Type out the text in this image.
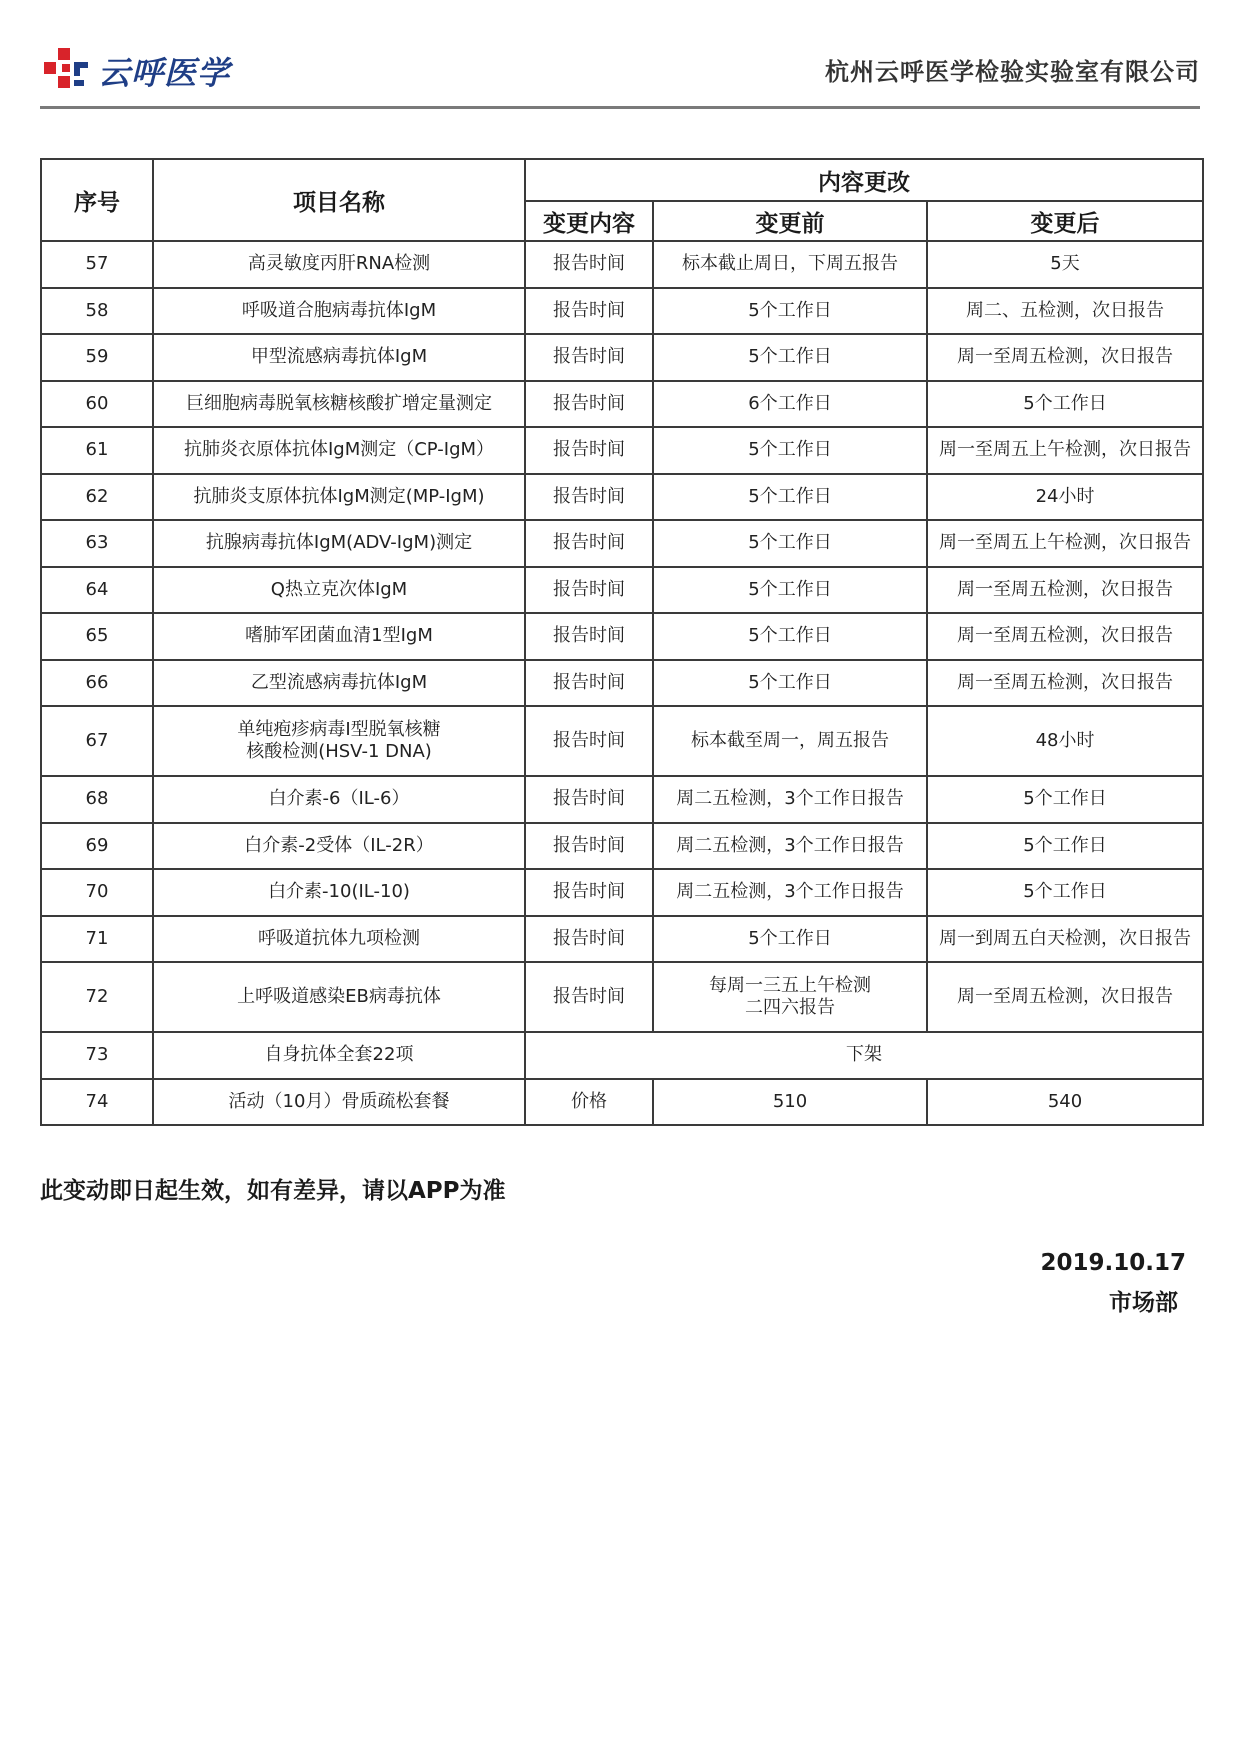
云呼医学	杭州云呼医学检验实验室有限公司
序号	项目名称	内容更改		
		变更内容	变更前	变更后
57	高灵敏度丙肝RNA检测	报告时间	标本截止周日，下周五报告	5天
58	呼吸道合胞病毒抗体IgM	报告时间	5个工作日	周二、五检测，次日报告
59	甲型流感病毒抗体IgM	报告时间	5个工作日	周一至周五检测，次日报告
60	巨细胞病毒脱氧核糖核酸扩增定量测定	报告时间	6个工作日	5个工作日
61	抗肺炎衣原体抗体IgM测定（CP-IgM）	报告时间	5个工作日	周一至周五上午检测，次日报告
62	抗肺炎支原体抗体IgM测定(MP-IgM)	报告时间	5个工作日	24小时
63	抗腺病毒抗体IgM(ADV-IgM)测定	报告时间	5个工作日	周一至周五上午检测，次日报告
64	Q热立克次体IgM	报告时间	5个工作日	周一至周五检测，次日报告
65	嗜肺军团菌血清1型IgM	报告时间	5个工作日	周一至周五检测，次日报告
66	乙型流感病毒抗体IgM	报告时间	5个工作日	周一至周五检测，次日报告
67	单纯疱疹病毒Ⅰ型脱氧核糖
核酸检测(HSV-1 DNA)	报告时间	标本截至周一，周五报告	48小时
68	白介素-6（IL-6）	报告时间	周二五检测，3个工作日报告	5个工作日
69	白介素-2受体（IL-2R）	报告时间	周二五检测，3个工作日报告	5个工作日
70	白介素-10(IL-10)	报告时间	周二五检测，3个工作日报告	5个工作日
71	呼吸道抗体九项检测	报告时间	5个工作日	周一到周五白天检测，次日报告
72	上呼吸道感染EB病毒抗体	报告时间	每周一三五上午检测
二四六报告	周一至周五检测，次日报告
73	自身抗体全套22项	下架		
74	活动（10月）骨质疏松套餐	价格	510	540
此变动即日起生效，如有差异，请以APP为准
2019.10.17
市场部
